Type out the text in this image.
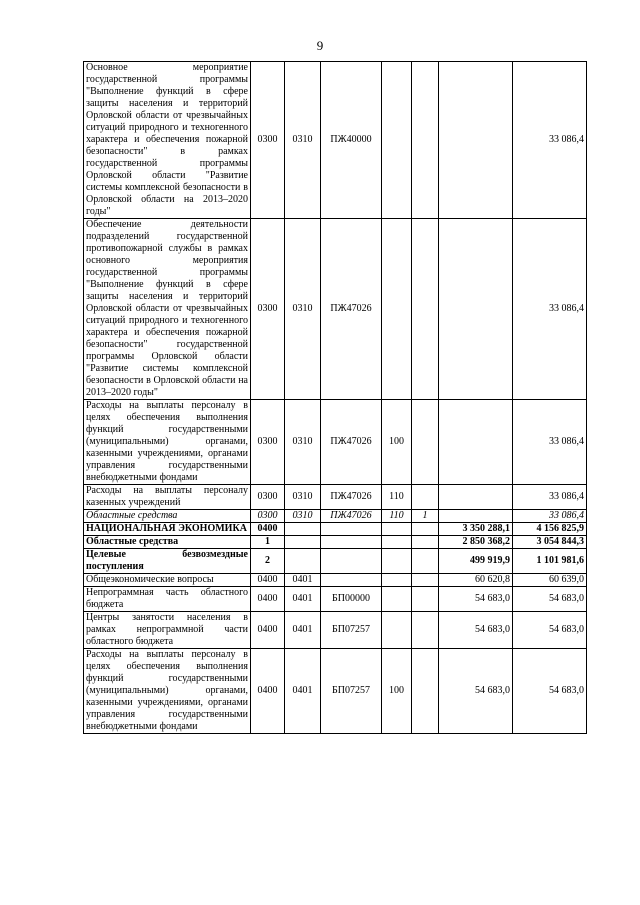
9
Основное мероприятие государственной программы "Выполнение функций в сфере защиты населения и территорий Орловской области от чрезвычайных ситуаций природного и техногенного характера и обеспечения пожарной безопасности" в рамках государственной программы Орловской области "Развитие системы комплексной безопасности в Орловской области на 2013–2020 годы"	0300	0310	ПЖ40000				33 086,4
Обеспечение деятельности подразделений государственной противопожарной службы в рамках основного мероприятия государственной программы "Выполнение функций в сфере защиты населения и территорий Орловской области от чрезвычайных ситуаций природного и техногенного характера и обеспечения пожарной безопасности" государственной программы Орловской области "Развитие системы комплексной безопасности в Орловской области на 2013–2020 годы"	0300	0310	ПЖ47026				33 086,4
Расходы на выплаты персоналу в целях обеспечения выполнения функций государственными (муниципальными) органами, казенными учреждениями, органами управления государственными внебюджетными фондами	0300	0310	ПЖ47026	100			33 086,4
Расходы на выплаты персоналу казенных учреждений	0300	0310	ПЖ47026	110			33 086,4
Областные средства	0300	0310	ПЖ47026	110	1		33 086,4
НАЦИОНАЛЬНАЯ ЭКОНОМИКА	0400					3 350 288,1	4 156 825,9
Областные средства	1					2 850 368,2	3 054 844,3
Целевые безвозмездные поступления	2					499 919,9	1 101 981,6
Общеэкономические вопросы	0400	0401				60 620,8	60 639,0
Непрограммная часть областного бюджета	0400	0401	БП00000			54 683,0	54 683,0
Центры занятости населения в рамках непрограммной части областного бюджета	0400	0401	БП07257			54 683,0	54 683,0
Расходы на выплаты персоналу в целях обеспечения выполнения функций государственными (муниципальными) органами, казенными учреждениями, органами управления государственными внебюджетными фондами	0400	0401	БП07257	100		54 683,0	54 683,0
